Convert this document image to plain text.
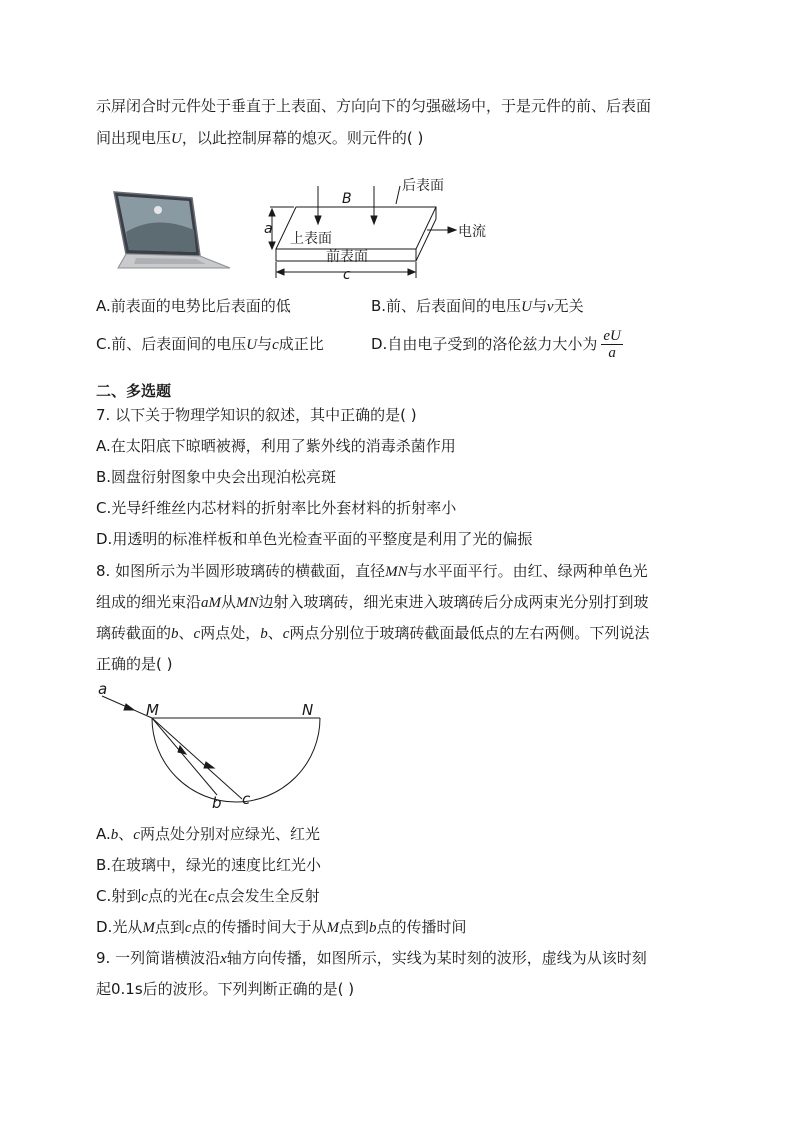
示屏闭合时元件处于垂直于上表面、方向向下的匀强磁场中，于是元件的前、后表面
间出现电压U，以此控制屏幕的熄灭。则元件的( )
后表面
B
a
上表面	电流
前表面
c
A.前表面的电势比后表面的低	B.前、后表面间的电压U与v无关
C.前、后表面间的电压U与c成正比	D.自由电子受到的洛伦兹力大小为 $\frac{eU}{a}$
二、多选题
7. 以下关于物理学知识的叙述，其中正确的是( )
A.在太阳底下晾晒被褥，利用了紫外线的消毒杀菌作用
B.圆盘衍射图象中央会出现泊松亮斑
C.光导纤维丝内芯材料的折射率比外套材料的折射率小
D.用透明的标准样板和单色光检查平面的平整度是利用了光的偏振
8. 如图所示为半圆形玻璃砖的横截面，直径MN与水平面平行。由红、绿两种单色光
组成的细光束沿aM从MN边射入玻璃砖，细光束进入玻璃砖后分成两束光分别打到玻
璃砖截面的b、c两点处，b、c两点分别位于玻璃砖截面最低点的左右两侧。下列说法
正确的是( )
a
M	N
b c
A.b、c两点处分别对应绿光、红光
B.在玻璃中，绿光的速度比红光小
C.射到c点的光在c点会发生全反射
D.光从M点到c点的传播时间大于从M点到b点的传播时间
9. 一列简谐横波沿x轴方向传播，如图所示，实线为某时刻的波形，虚线为从该时刻
起0.1s后的波形。下列判断正确的是( )
